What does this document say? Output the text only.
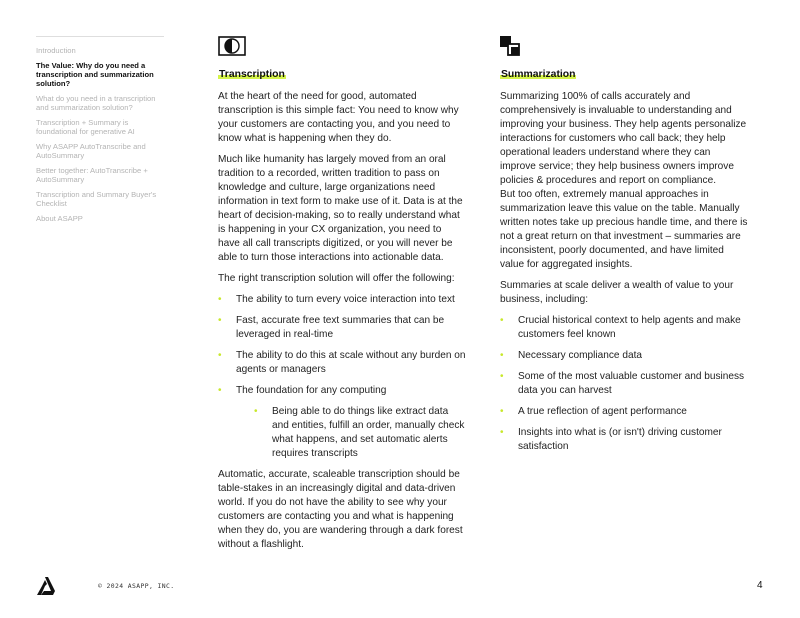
Introduction
The Value: Why do you need a transcription and summarization solution?
What do you need in a transcription and summarization solution?
Transcription + Summary is foundational for generative AI
Why ASAPP AutoTranscribe and AutoSummary
Better together: AutoTranscribe + AutoSummary
Transcription and Summary Buyer's Checklist
About ASAPP
Transcription

At the heart of the need for good, automated transcription is this simple fact: You need to know why your customers are contacting you, and you need to know what is happening when they do.

Much like humanity has largely moved from an oral tradition to a recorded, written tradition to pass on knowledge and culture, large organizations need information in text form to make use of it. Data is at the heart of decision-making, so to really understand what is happening in your CX organization, you need to have all call transcripts digitized, or you will never be able to turn those interactions into actionable data.

The right transcription solution will offer the following:

• The ability to turn every voice interaction into text
• Fast, accurate free text summaries that can be leveraged in real-time
• The ability to do this at scale without any burden on agents or managers
• The foundation for any computing
• Being able to do things like extract data and entities, fulfill an order, manually check what happens, and set automatic alerts requires transcripts

Automatic, accurate, scaleable transcription should be table-stakes in an increasingly digital and data-driven world. If you do not have the ability to see why your customers are contacting you and what is happening when they do, you are wandering through a dark forest without a flashlight.

Summarization

Summarizing 100% of calls accurately and comprehensively is invaluable to understanding and improving your business. They help agents personalize interactions for customers who call back; they help operational leaders understand where they can improve service; they help business owners improve policies & procedures and report on compliance.

But too often, extremely manual approaches in summarization leave this value on the table. Manually written notes take up precious handle time, and there is not a great return on that investment – summaries are inconsistent, poorly documented, and have limited value for aggregated insights.

Summaries at scale deliver a wealth of value to your business, including:

• Crucial historical context to help agents and make customers feel known
• Necessary compliance data
• Some of the most valuable customer and business data you can harvest
• A true reflection of agent performance
• Insights into what is (or isn't) driving customer satisfaction
© 2024 ASAPP, INC.	4
